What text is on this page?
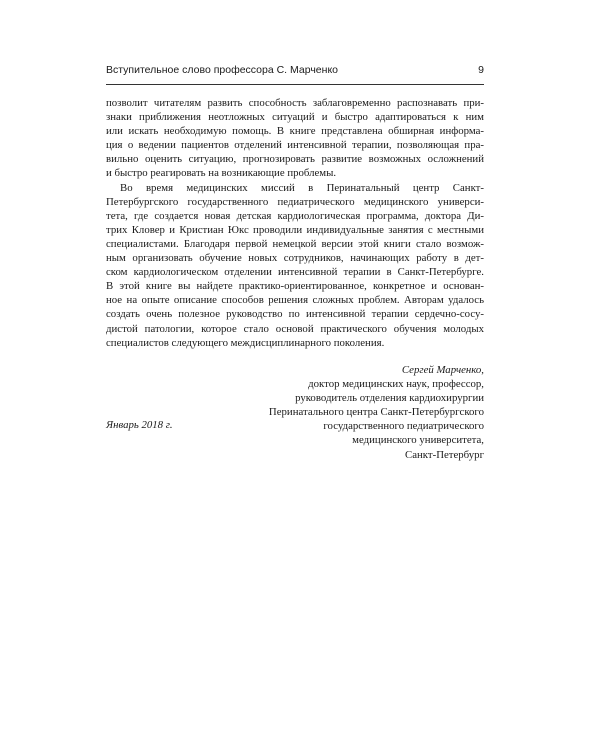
Вступительное слово профессора С. Марченко	9
позволит читателям развить способность заблаговременно распознавать при-
знаки приближения неотложных ситуаций и быстро адаптироваться к ним
или искать необходимую помощь. В книге представлена обширная информа-
ция о ведении пациентов отделений интенсивной терапии, позволяющая пра-
вильно оценить ситуацию, прогнозировать развитие возможных осложнений
и быстро реагировать на возникающие проблемы.
Во время медицинских миссий в Перинатальный центр Санкт-
Петербургского государственного педиатрического медицинского универси-
тета, где создается новая детская кардиологическая программа, доктора Ди-
трих Кловер и Кристиан Юкс проводили индивидуальные занятия с местными
специалистами. Благодаря первой немецкой версии этой книги стало возмож-
ным организовать обучение новых сотрудников, начинающих работу в дет-
ском кардиологическом отделении интенсивной терапии в Санкт-Петербурге.
В этой книге вы найдете практико-ориентированное, конкретное и основан-
ное на опыте описание способов решения сложных проблем. Авторам удалось
создать очень полезное руководство по интенсивной терапии сердечно-сосу-
дистой патологии, которое стало основой практического обучения молодых
специалистов следующего междисциплинарного поколения.
Сергей Марченко,
доктор медицинских наук, профессор,
руководитель отделения кардиохирургии
Перинатального центра Санкт-Петербургского
государственного педиатрического
медицинского университета,
Санкт-Петербург
Январь 2018 г.
